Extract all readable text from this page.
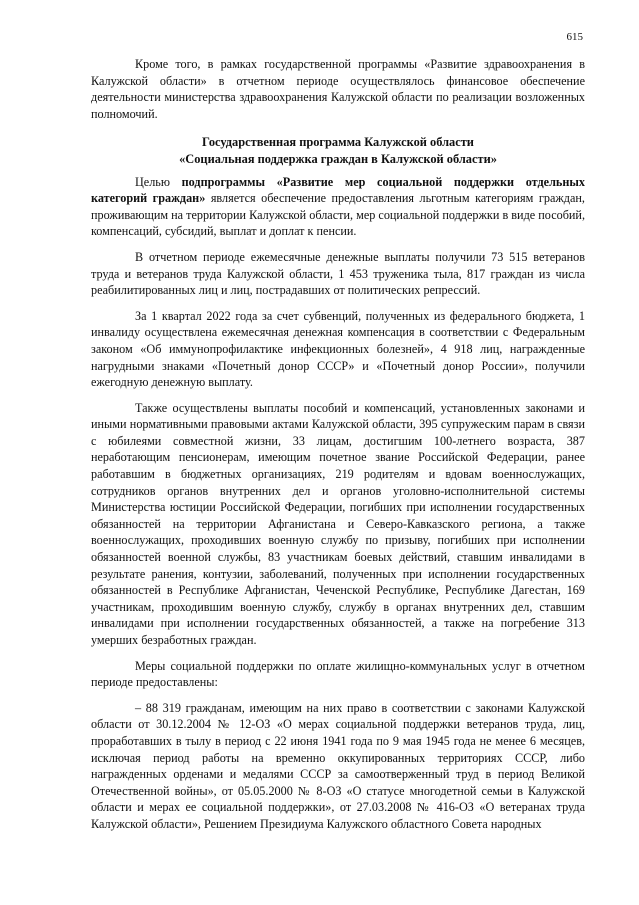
615

Кроме того, в рамках государственной программы «Развитие здравоохранения в Калужской области» в отчетном периоде осуществлялось финансовое обеспечение деятельности министерства здравоохранения Калужской области по реализации возложенных полномочий.

Государственная программа Калужской области
«Социальная поддержка граждан в Калужской области»

Целью подпрограммы «Развитие мер социальной поддержки отдельных категорий граждан» является обеспечение предоставления льготным категориям граждан, проживающим на территории Калужской области, мер социальной поддержки в виде пособий, компенсаций, субсидий, выплат и доплат к пенсии.

В отчетном периоде ежемесячные денежные выплаты получили 73 515 ветеранов труда и ветеранов труда Калужской области, 1 453 труженика тыла, 817 граждан из числа реабилитированных лиц и лиц, пострадавших от политических репрессий.

За 1 квартал 2022 года за счет субвенций, полученных из федерального бюджета, 1 инвалиду осуществлена ежемесячная денежная компенсация в соответствии с Федеральным законом «Об иммунопрофилактике инфекционных болезней», 4 918 лиц, награжденные нагрудными знаками «Почетный донор СССР» и «Почетный донор России», получили ежегодную денежную выплату.

Также осуществлены выплаты пособий и компенсаций, установленных законами и иными нормативными правовыми актами Калужской области, 395 супружеским парам в связи с юбилеями совместной жизни, 33 лицам, достигшим 100-летнего возраста, 387 неработающим пенсионерам, имеющим почетное звание Российской Федерации, ранее работавшим в бюджетных организациях, 219 родителям и вдовам военнослужащих, сотрудников органов внутренних дел и органов уголовно-исполнительной системы Министерства юстиции Российской Федерации, погибших при исполнении государственных обязанностей на территории Афганистана и Северо-Кавказского региона, а также военнослужащих, проходивших военную службу по призыву, погибших при исполнении обязанностей военной службы, 83 участникам боевых действий, ставшим инвалидами в результате ранения, контузии, заболеваний, полученных при исполнении государственных обязанностей в Республике Афганистан, Чеченской Республике, Республике Дагестан, 169 участникам, проходившим военную службу, службу в органах внутренних дел, ставшим инвалидами при исполнении государственных обязанностей, а также на погребение 313 умерших безработных граждан.

Меры социальной поддержки по оплате жилищно-коммунальных услуг в отчетном периоде предоставлены:

– 88 319 гражданам, имеющим на них право в соответствии с законами Калужской области от 30.12.2004 № 12-ОЗ «О мерах социальной поддержки ветеранов труда, лиц, проработавших в тылу в период с 22 июня 1941 года по 9 мая 1945 года не менее 6 месяцев, исключая период работы на временно оккупированных территориях СССР, либо награжденных орденами и медалями СССР за самоотверженный труд в период Великой Отечественной войны», от 05.05.2000 № 8-ОЗ «О статусе многодетной семьи в Калужской области и мерах ее социальной поддержки», от 27.03.2008 № 416-ОЗ «О ветеранах труда Калужской области», Решением Президиума Калужского областного Совета народных
